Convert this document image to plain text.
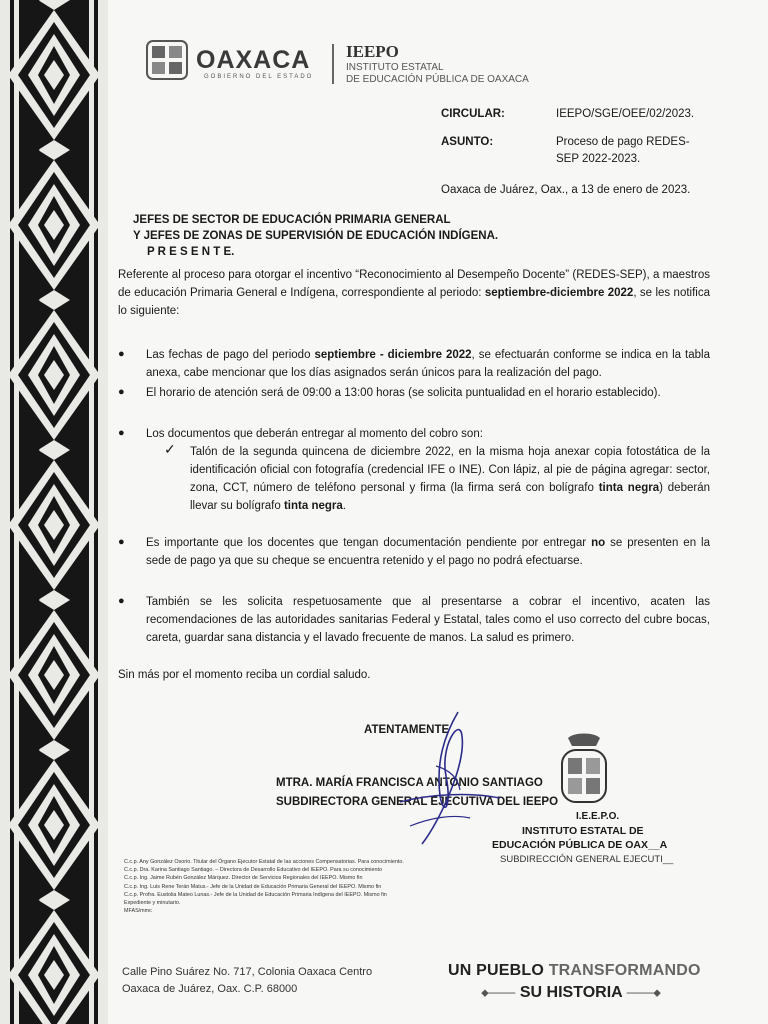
OAXACA
GOBIERNO DEL ESTADO
IEEPO
INSTITUTO ESTATAL
DE EDUCACIÓN PÚBLICA DE OAXACA
CIRCULAR:	IEEPO/SGE/OEE/02/2023.
ASUNTO:	Proceso de pago REDES-
SEP 2022-2023.
Oaxaca de Juárez, Oax., a 13 de enero de 2023.
JEFES DE SECTOR DE EDUCACIÓN PRIMARIA GENERAL
Y JEFES DE ZONAS DE SUPERVISIÓN DE EDUCACIÓN INDÍGENA.
P R E S E N T E.
Referente al proceso para otorgar el incentivo “Reconocimiento al Desempeño Docente” (REDES-SEP), a maestros de educación Primaria General e Indígena, correspondiente al periodo: septiembre-diciembre 2022, se les notifica lo siguiente:
● Las fechas de pago del periodo septiembre - diciembre 2022, se efectuarán conforme se indica en la tabla anexa, cabe mencionar que los días asignados serán únicos para la realización del pago.
● El horario de atención será de 09:00 a 13:00 horas (se solicita puntualidad en el horario establecido).
● Los documentos que deberán entregar al momento del cobro son:
✓ Talón de la segunda quincena de diciembre 2022, en la misma hoja anexar copia fotostática de la identificación oficial con fotografía (credencial IFE o INE). Con lápiz, al pie de página agregar: sector, zona, CCT, número de teléfono personal y firma (la firma será con bolígrafo tinta negra) deberán llevar su bolígrafo tinta negra.
● Es importante que los docentes que tengan documentación pendiente por entregar no se presenten en la sede de pago ya que su cheque se encuentra retenido y el pago no podrá efectuarse.
● También se les solicita respetuosamente que al presentarse a cobrar el incentivo, acaten las recomendaciones de las autoridades sanitarias Federal y Estatal, tales como el uso correcto del cubre bocas, careta, guardar sana distancia y el lavado frecuente de manos. La salud es primero.
Sin más por el momento reciba un cordial saludo.
ATENTAMENTE
MTRA. MARÍA FRANCISCA ANTONIO SANTIAGO
SUBDIRECTORA GENERAL EJECUTIVA DEL IEEPO
I.E.E.P.O.
INSTITUTO ESTATAL DE
EDUCACIÓN PÚBLICA DE OAX__A
SUBDIRECCIÓN GENERAL EJECUTI__
C.c.p. Any González Osorio. Titular del Órgano Ejecutor Estatal de las acciones Compensatorias. Para conocimiento.
C.c.p. Dra. Karina Santiago Santiago. – Directora de Desarrollo Educativo del IEEPO. Para su conocimiento
C.c.p. Ing. Jaime Rubén González Márquez. Director de Servicios Regionales del IEEPO. Mismo fin
C.c.p. Ing. Luis Rene Terán Matus.- Jefe de la Unidad de Educación Primaria General del IEEPO. Mismo fin
C.c.p. Profra. Eustolia Mateo Lunas.- Jefe de la Unidad de Educación Primaria Indígena del IEEPO. Mismo fin
Expediente y minutario.
MFAS/mmc
Calle Pino Suárez No. 717, Colonia Oaxaca Centro
Oaxaca de Juárez, Oax. C.P. 68000
UN PUEBLO TRANSFORMANDO
◆——— SU HISTORIA ———◆
